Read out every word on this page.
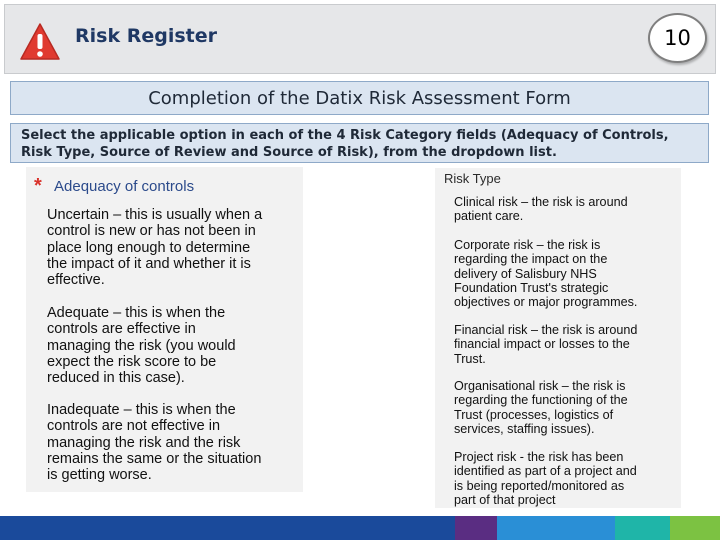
Risk Register	10
Completion of the Datix Risk Assessment Form
Select the applicable option in each of the 4 Risk Category fields (Adequacy of Controls,
Risk Type, Source of Review and Source of Risk), from the dropdown list.
* Adequacy of controls
Uncertain – this is usually when a
control is new or has not been in
place long enough to determine
the impact of it and whether it is
effective.
Adequate – this is when the
controls are effective in
managing the risk (you would
expect the risk score to be
reduced in this case).
Inadequate – this is when the
controls are not effective in
managing the risk and the risk
remains the same or the situation
is getting worse.
Risk Type
Clinical risk – the risk is around
patient care.
Corporate risk – the risk is
regarding the impact on the
delivery of Salisbury NHS
Foundation Trust's strategic
objectives or major programmes.
Financial risk – the risk is around
financial impact or losses to the
Trust.
Organisational risk – the risk is
regarding the functioning of the
Trust (processes, logistics of
services, staffing issues).
Project risk - the risk has been
identified as part of a project and
is being reported/monitored as
part of that project
